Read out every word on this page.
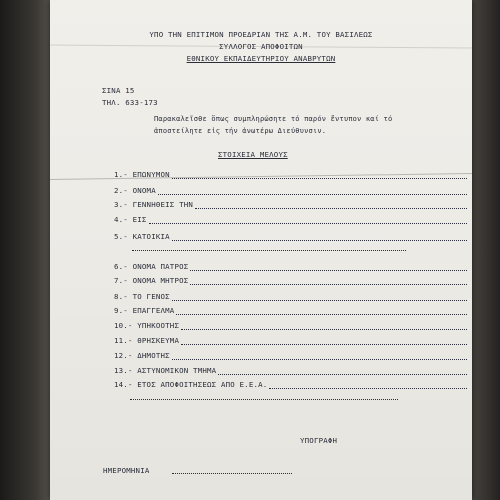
ΥΠΟ ΤΗΝ ΕΠΙΤΙΜΟΝ ΠΡΟΕΔΡΙΑΝ ΤΗΣ Α.Μ. ΤΟΥ ΒΑΣΙΛΕΩΣ
ΣΥΛΛΟΓΟΣ ΑΠΟΦΟΙΤΩΝ
ΕΘΝΙΚΟΥ ΕΚΠΑΙΔΕΥΤΗΡΙΟΥ ΑΝΑΒΡΥΤΩΝ
ΣΙΝΑ 15
ΤΗΛ. 633-173
Παρακαλεῖσθε ὅπως συμπληρώσητε τό παρόν ἔντυπον καί τό
ἀποστείλητε εἰς τήν ἀνωτέρω Διεύθυνσιν.
ΣΤΟΙΧΕΙΑ ΜΕΛΟΥΣ
1.- ΕΠΩΝΥΜΟΝ
2.- ΟΝΟΜΑ
3.- ΓΕΝΝΗΘΕΙΣ ΤΗΝ
4.- ΕΙΣ
5.- ΚΑΤΟΙΚΙΑ
6.- ΟΝΟΜΑ ΠΑΤΡΟΣ
7.- ΟΝΟΜΑ ΜΗΤΡΟΣ
8.- ΤΟ ΓΕΝΟΣ
9.- ΕΠΑΓΓΕΛΜΑ
10.- ΥΠΗΚΟΟΤΗΣ
11.- ΘΡΗΣΚΕΥΜΑ
12.- ΔΗΜΟΤΗΣ
13.- ΑΣΤΥΝΟΜΙΚΟΝ ΤΜΗΜΑ
14.- ΕΤΟΣ ΑΠΟΦΟΙΤΗΣΕΩΣ ΑΠΟ Ε.Ε.Α.
ΥΠΟΓΡΑΦΗ
ΗΜΕΡΟΜΗΝΙΑ
